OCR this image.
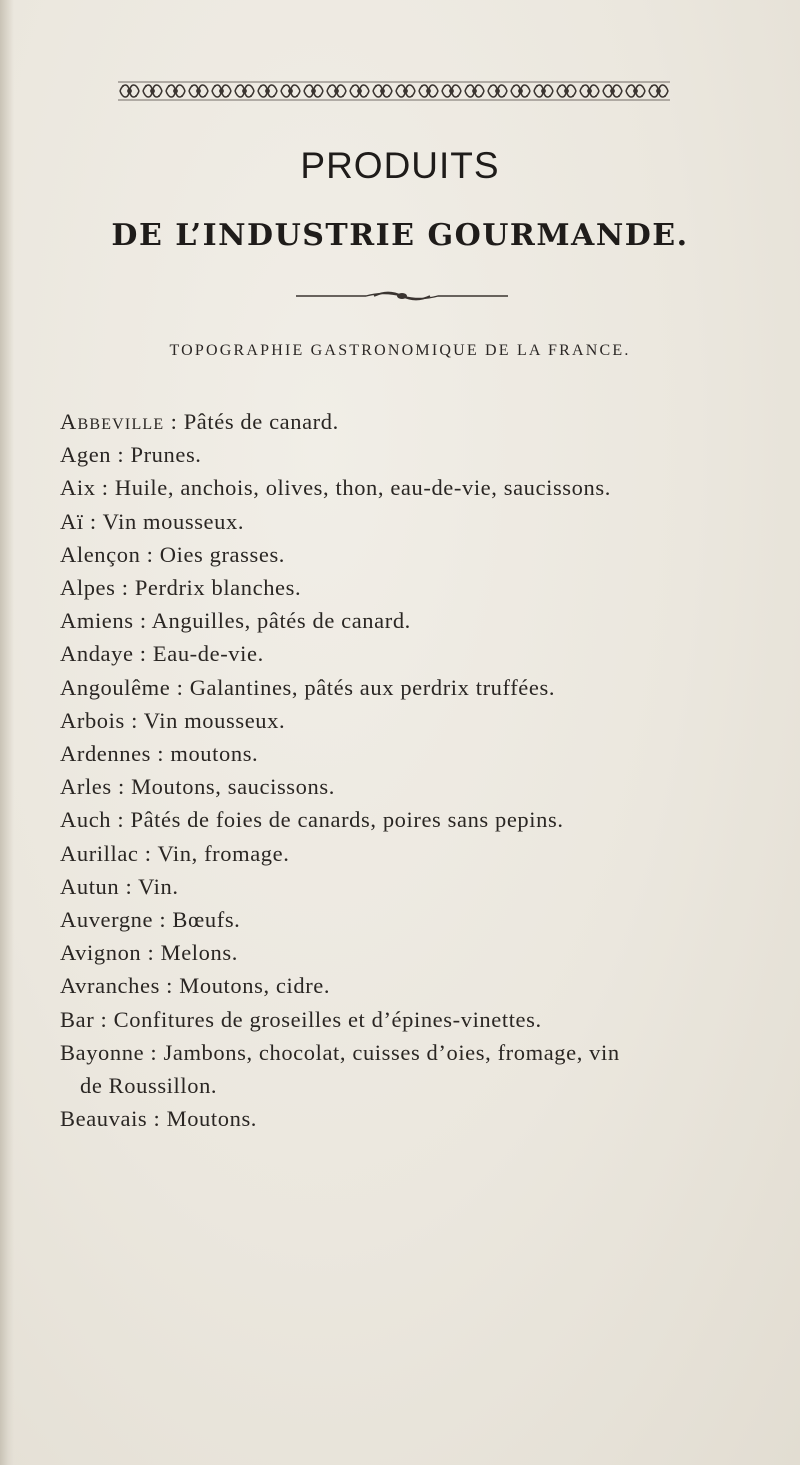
PRODUITS
DE L’INDUSTRIE GOURMANDE.
TOPOGRAPHIE GASTRONOMIQUE DE LA FRANCE.
Abbeville : Pâtés de canard.
Agen : Prunes.
Aix : Huile, anchois, olives, thon, eau-de-vie, saucissons.
Aï : Vin mousseux.
Alençon : Oies grasses.
Alpes : Perdrix blanches.
Amiens : Anguilles, pâtés de canard.
Andaye : Eau-de-vie.
Angoulême : Galantines, pâtés aux perdrix truffées.
Arbois : Vin mousseux.
Ardennes : moutons.
Arles : Moutons, saucissons.
Auch : Pâtés de foies de canards, poires sans pepins.
Aurillac : Vin, fromage.
Autun : Vin.
Auvergne : Bœufs.
Avignon : Melons.
Avranches : Moutons, cidre.
Bar : Confitures de groseilles et d’épines-vinettes.
Bayonne : Jambons, chocolat, cuisses d’oies, fromage, vin
de Roussillon.
Beauvais : Moutons.
